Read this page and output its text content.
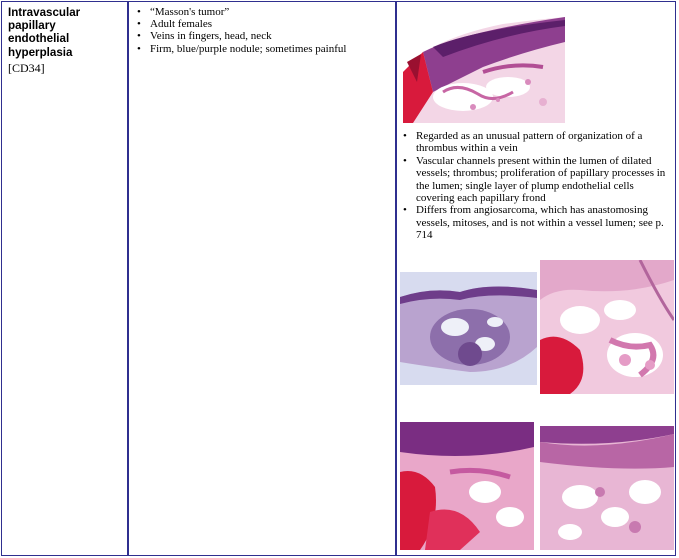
Intravascular
papillary
endothelial
hyperplasia
[CD34]
• “Masson's tumor”
• Adult females
• Veins in fingers, head, neck
• Firm, blue/purple nodule; sometimes painful
• Regarded as an unusual pattern of organization of a thrombus within a vein
• Vascular channels present within the lumen of dilated vessels; thrombus; proliferation of papillary processes in the lumen; single layer of plump endothelial cells covering each papillary frond
• Differs from angiosarcoma, which has anastomosing vessels, mitoses, and is not within a vessel lumen; see p. 714
